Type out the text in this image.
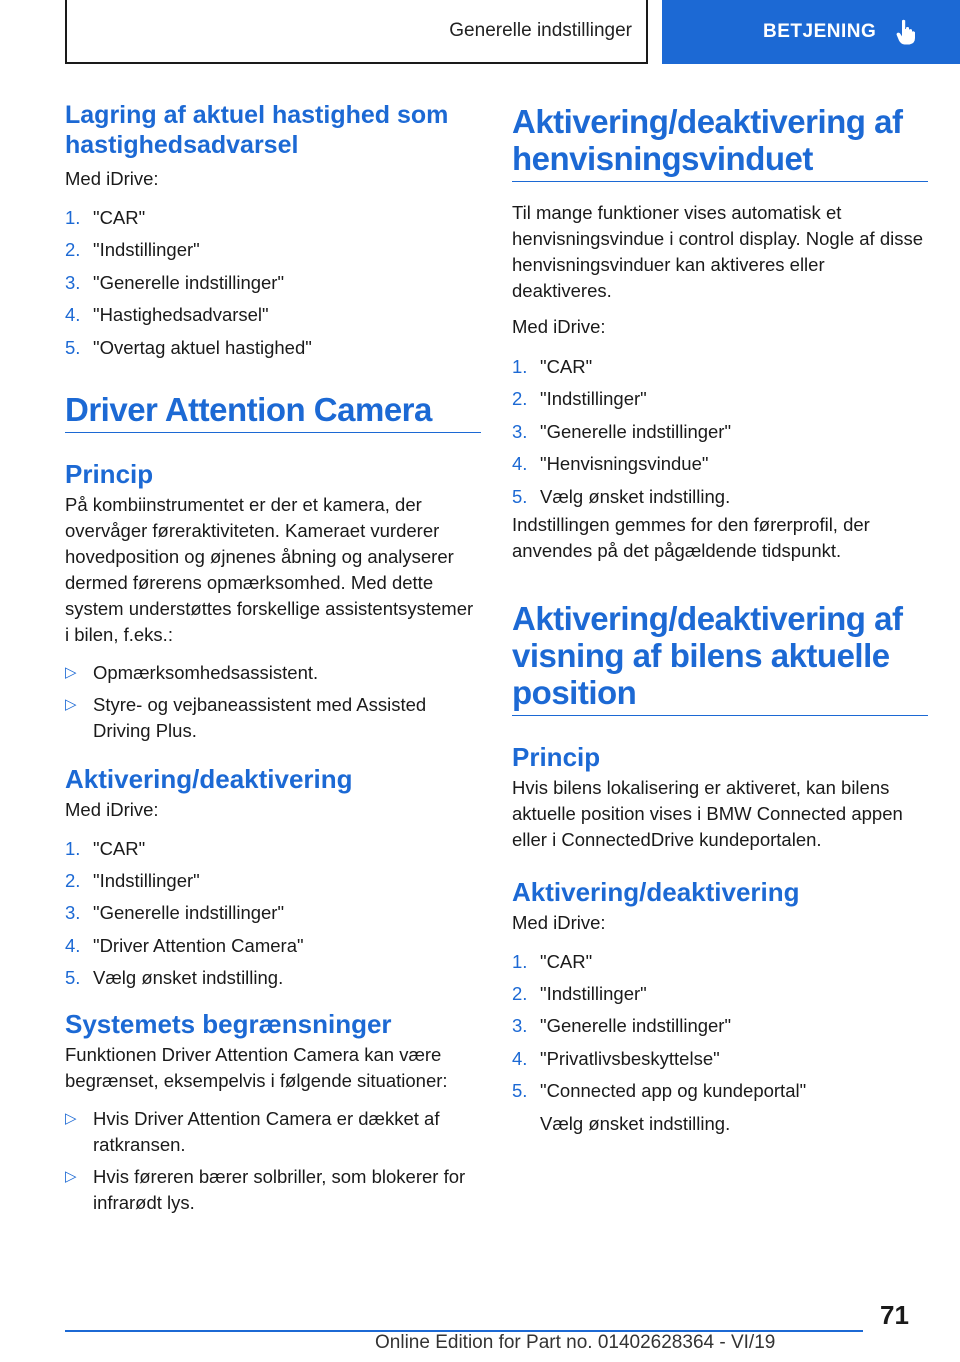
Generelle indstillinger	BETJENING
Lagring af aktuel hastighed som hastighedsadvarsel

Med iDrive:

1. "CAR"
2. "Indstillinger"
3. "Generelle indstillinger"
4. "Hastighedsadvarsel"
5. "Overtag aktuel hastighed"
Driver Attention Camera
Princip

På kombiinstrumentet er der et kamera, der overvåger føreraktiviteten. Kameraet vurderer hovedposition og øjnenes åbning og analyserer dermed førerens opmærksomhed. Med dette system understøttes forskellige assistentsystemer i bilen, f.eks.:

▷ Opmærksomhedsassistent.
▷ Styre- og vejbaneassistent med Assisted Driving Plus.
Aktivering/deaktivering

Med iDrive:

1. "CAR"
2. "Indstillinger"
3. "Generelle indstillinger"
4. "Driver Attention Camera"
5. Vælg ønsket indstilling.
Systemets begrænsninger

Funktionen Driver Attention Camera kan være begrænset, eksempelvis i følgende situationer:

▷ Hvis Driver Attention Camera er dækket af ratkransen.
▷ Hvis føreren bærer solbriller, som blokerer for infrarødt lys.
Aktivering/deaktivering af henvisningsvinduet

Til mange funktioner vises automatisk et henvisningsvindue i control display. Nogle af disse henvisningsvinduer kan aktiveres eller deaktiveres.

Med iDrive:

1. "CAR"
2. "Indstillinger"
3. "Generelle indstillinger"
4. "Henvisningsvindue"
5. Vælg ønsket indstilling.

Indstillingen gemmes for den førerprofil, der anvendes på det pågældende tidspunkt.

Aktivering/deaktivering af visning af bilens aktuelle position
Princip

Hvis bilens lokalisering er aktiveret, kan bilens aktuelle position vises i BMW Connected appen eller i ConnectedDrive kundeportalen.

Aktivering/deaktivering

Med iDrive:

1. "CAR"
2. "Indstillinger"
3. "Generelle indstillinger"
4. "Privatlivsbeskyttelse"
5. "Connected app og kundeportal"

Vælg ønsket indstilling.

71
Online Edition for Part no. 01402628364 - VI/19
